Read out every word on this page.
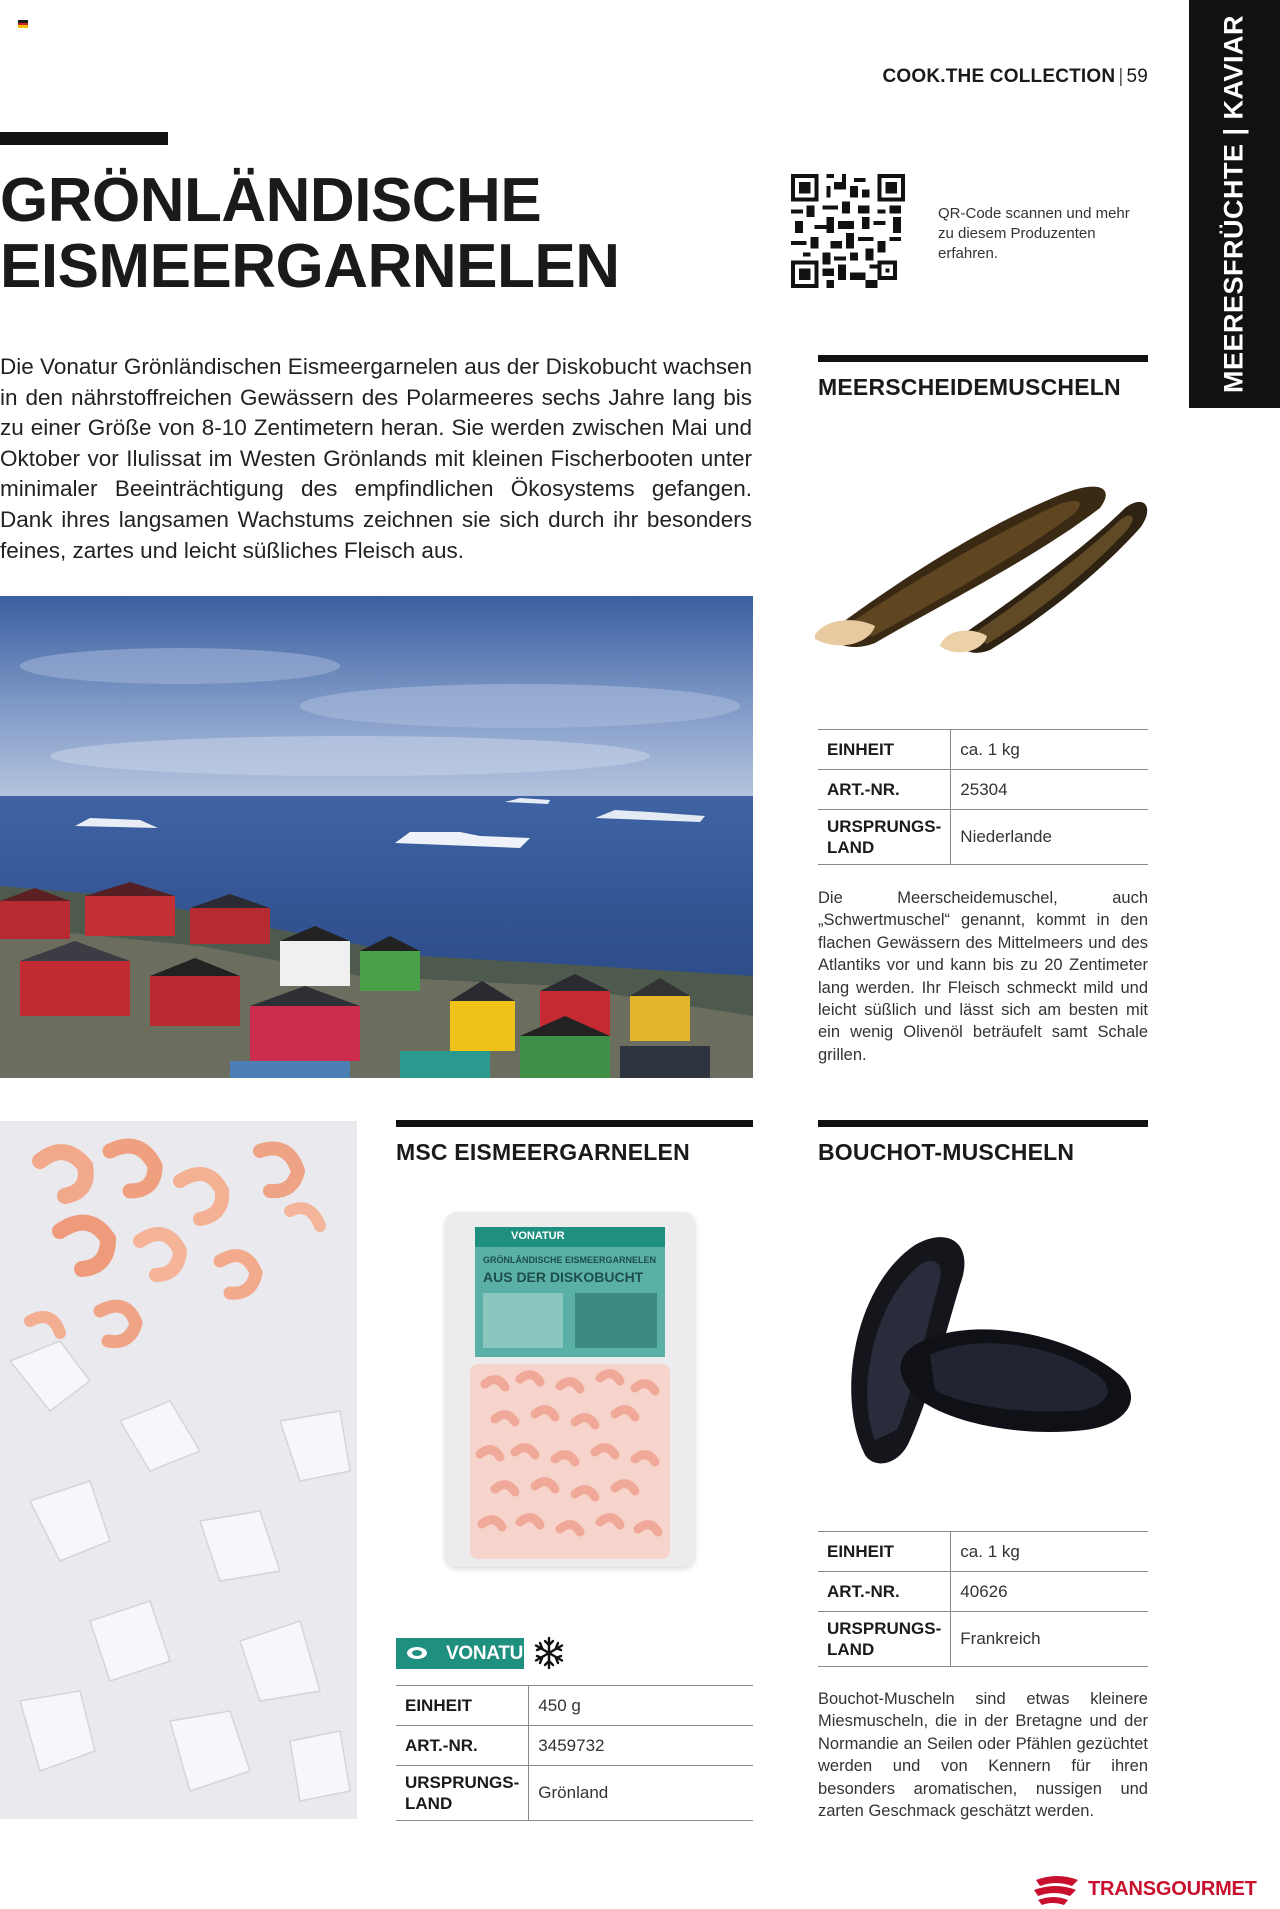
COOK.THE COLLECTION | 59	MEERESFRÜCHTE | KAVIAR
GRÖNLÄNDISCHE
EISMEERGARNELEN
QR-Code scannen und mehr zu diesem Produzenten erfahren.

Die Vonatur Grönländischen Eismeergarnelen aus der Diskobucht wachsen in den nährstoffreichen Gewässern des Polarmeeres sechs Jahre lang bis zu einer Größe von 8-10 Zentimetern heran. Sie werden zwischen Mai und Oktober vor Ilulissat im Westen Grönlands mit kleinen Fischerbooten unter minimaler Beeinträchtigung des empfindlichen Ökosystems gefangen. Dank ihres langsamen Wachstums zeichnen sie sich durch ihr besonders feines, zartes und leicht süßliches Fleisch aus.

MEERSCHEIDEMUSCHELN
EINHEIT	ca. 1 kg
ART.-NR.	25304
URSPRUNGS-
LAND	Niederlande

Die Meerscheidemuschel, auch „Schwertmuschel“ genannt, kommt in den flachen Gewässern des Mittelmeers und des Atlantiks vor und kann bis zu 20 Zentimeter lang werden. Ihr Fleisch schmeckt mild und leicht süßlich und lässt sich am besten mit ein wenig Olivenöl beträufelt samt Schale grillen.

MSC EISMEERGARNELEN
VONATUR
GRÖNLÄNDISCHE EISMEERGARNELEN
AUS DER DISKOBUCHT
VONATUR
EINHEIT	450 g
ART.-NR.	3459732
URSPRUNGS-
LAND	Grönland
BOUCHOT-MUSCHELN
EINHEIT	ca. 1 kg
ART.-NR.	40626
URSPRUNGS-
LAND	Frankreich

Bouchot-Muscheln sind etwas kleinere Miesmuscheln, die in der Bretagne und der Normandie an Seilen oder Pfählen gezüchtet werden und von Kennern für ihren besonders aromatischen, nussigen und zarten Geschmack geschätzt werden.

TRANSGOURMET
